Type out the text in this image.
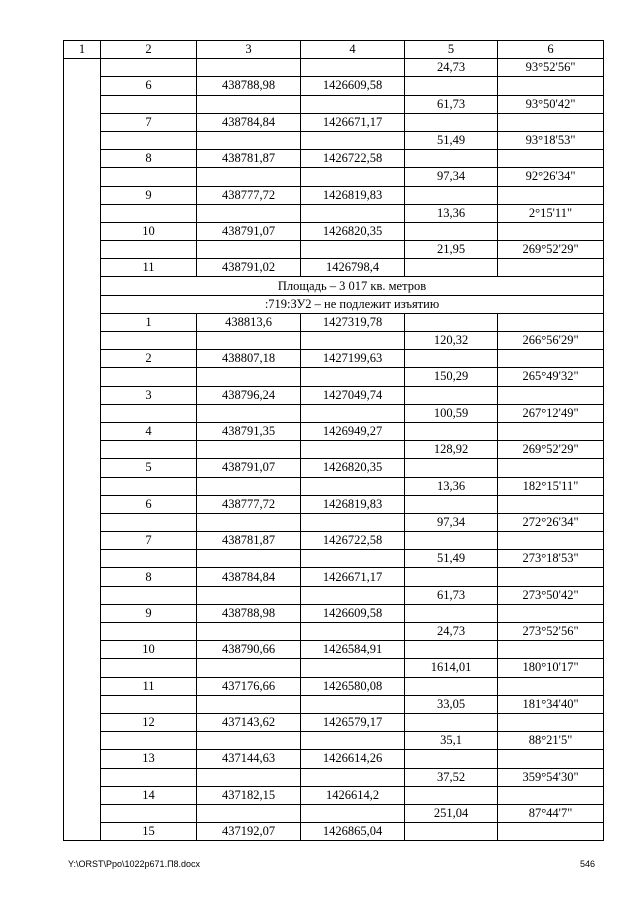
1	2	3	4	5	6
				24,73	93°52'56"
	6	438788,98	1426609,58		
				61,73	93°50'42"
	7	438784,84	1426671,17		
				51,49	93°18'53"
	8	438781,87	1426722,58		
				97,34	92°26'34"
	9	438777,72	1426819,83		
				13,36	2°15'11"
	10	438791,07	1426820,35		
				21,95	269°52'29"
	11	438791,02	1426798,4		
	Площадь – 3 017 кв. метров				
	:719:ЗУ2 – не подлежит изъятию				
	1	438813,6	1427319,78		
				120,32	266°56'29"
	2	438807,18	1427199,63		
				150,29	265°49'32"
	3	438796,24	1427049,74		
				100,59	267°12'49"
	4	438791,35	1426949,27		
				128,92	269°52'29"
	5	438791,07	1426820,35		
				13,36	182°15'11"
	6	438777,72	1426819,83		
				97,34	272°26'34"
	7	438781,87	1426722,58		
				51,49	273°18'53"
	8	438784,84	1426671,17		
				61,73	273°50'42"
	9	438788,98	1426609,58		
				24,73	273°52'56"
	10	438790,66	1426584,91		
				1614,01	180°10'17"
	11	437176,66	1426580,08		
				33,05	181°34'40"
	12	437143,62	1426579,17		
				35,1	88°21'5"
	13	437144,63	1426614,26		
				37,52	359°54'30"
	14	437182,15	1426614,2		
				251,04	87°44'7"
	15	437192,07	1426865,04		
Y:\ORST\Ppo\1022p671.П8.docx	546
